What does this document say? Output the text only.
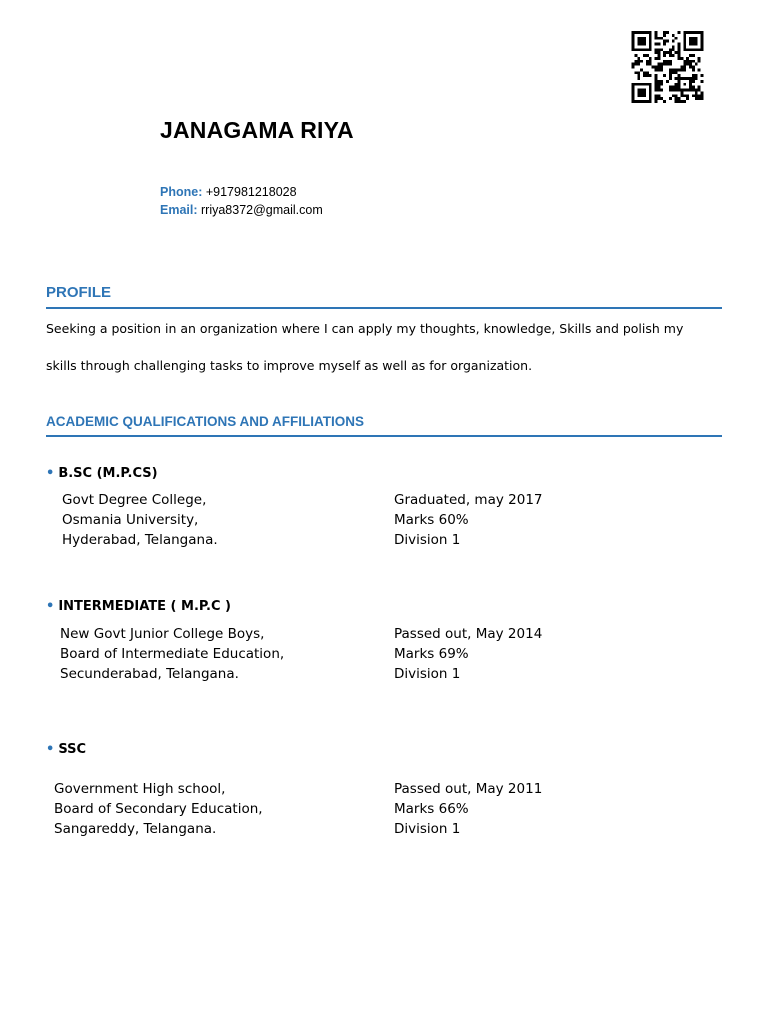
JANAGAMA RIYA
Phone: +917981218028
Email: rriya8372@gmail.com
PROFILE
Seeking a position in an organization where I can apply my thoughts, knowledge, Skills and polish my
skills through challenging tasks to improve myself as well as for organization.
ACADEMIC QUALIFICATIONS AND AFFILIATIONS
• B.SC (M.P.CS)
Govt Degree College,
Osmania University,
Hyderabad, Telangana.
Graduated, may 2017
Marks 60%
Division 1
• INTERMEDIATE ( M.P.C )
New Govt Junior College Boys,
Board of Intermediate Education,
Secunderabad, Telangana.
Passed out, May 2014
Marks 69%
Division 1
• SSC
Government High school,
Board of Secondary Education,
Sangareddy, Telangana.
Passed out, May 2011
Marks 66%
Division 1
